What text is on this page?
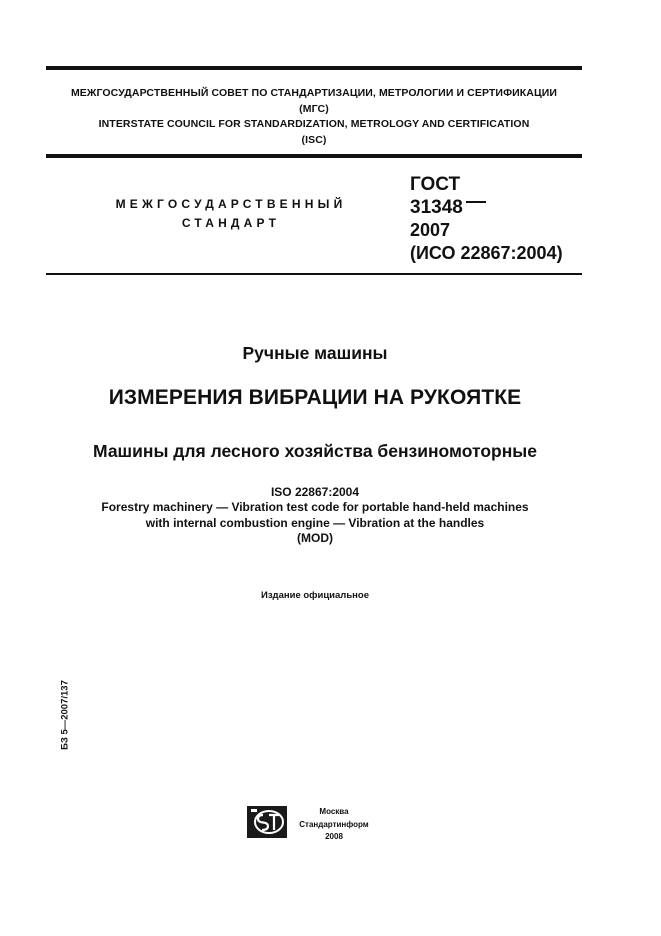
МЕЖГОСУДАРСТВЕННЫЙ СОВЕТ ПО СТАНДАРТИЗАЦИИ, МЕТРОЛОГИИ И СЕРТИФИКАЦИИ
(МГС)
INTERSTATE COUNCIL FOR STANDARDIZATION, METROLOGY AND CERTIFICATION
(ISC)
МЕЖГОСУДАРСТВЕННЫЙ
СТАНДАРТ
ГОСТ
31348
2007
(ИСО 22867:2004)
Ручные машины
ИЗМЕРЕНИЯ ВИБРАЦИИ НА РУКОЯТКЕ
Машины для лесного хозяйства бензиномоторные
ISO 22867:2004
Forestry machinery — Vibration test code for portable hand-held machines
with internal combustion engine — Vibration at the handles
(MOD)
Издание официальное
БЗ 5—2007/137
Москва
Стандартинформ
2008
